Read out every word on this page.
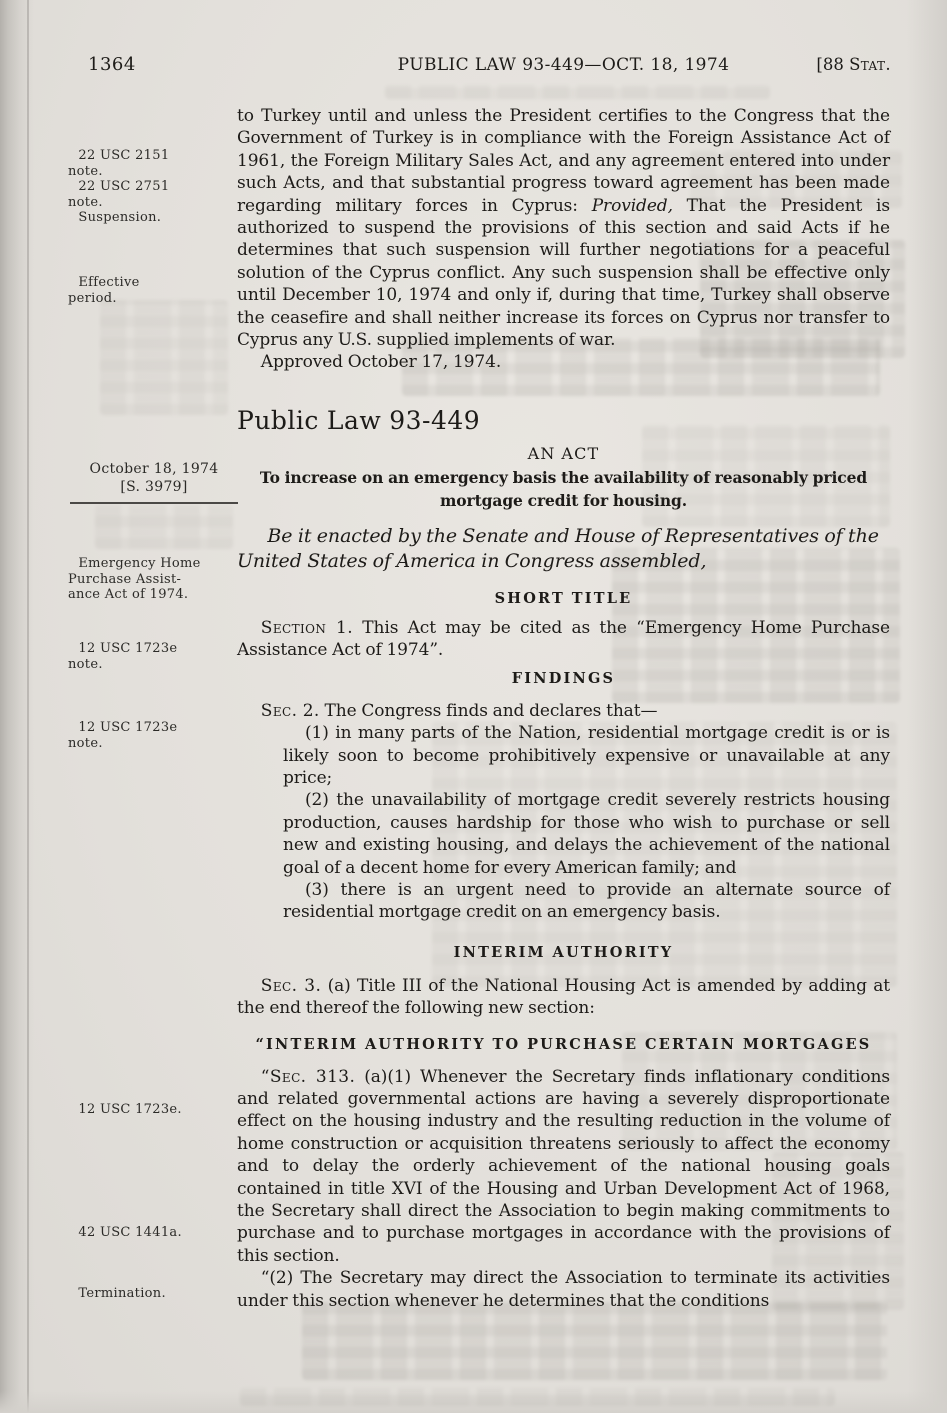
1364	PUBLIC LAW 93-449—OCT. 18, 1974	[88 Stat.
22 USC 2151
note.
22 USC 2751
note.
Suspension.
Effective
period.
October 18, 1974
[S. 3979]
Emergency Home
Purchase Assist-
ance Act of 1974.
12 USC 1723e
note.
12 USC 1723e
note.
12 USC 1723e.
42 USC 1441a.
Termination.
to Turkey until and unless the President certifies to the Congress that the Government of Turkey is in compliance with the Foreign Assistance Act of 1961, the Foreign Military Sales Act, and any agreement entered into under such Acts, and that substantial progress toward agreement has been made regarding military forces in Cyprus: Provided, That the President is authorized to suspend the provisions of this section and said Acts if he determines that such suspension will further negotiations for a peaceful solution of the Cyprus conflict. Any such suspension shall be effective only until December 10, 1974 and only if, during that time, Turkey shall observe the ceasefire and shall neither increase its forces on Cyprus nor transfer to Cyprus any U.S. supplied implements of war.
Approved October 17, 1974.
Public Law 93-449
AN ACT
To increase on an emergency basis the availability of reasonably priced mortgage credit for housing.
Be it enacted by the Senate and House of Representatives of the United States of America in Congress assembled,
SHORT TITLE
Section 1. This Act may be cited as the “Emergency Home Purchase Assistance Act of 1974”.
FINDINGS
Sec. 2. The Congress finds and declares that—
(1) in many parts of the Nation, residential mortgage credit is or is likely soon to become prohibitively expensive or unavailable at any price;
(2) the unavailability of mortgage credit severely restricts housing production, causes hardship for those who wish to purchase or sell new and existing housing, and delays the achievement of the national goal of a decent home for every American family; and
(3) there is an urgent need to provide an alternate source of residential mortgage credit on an emergency basis.
INTERIM AUTHORITY
Sec. 3. (a) Title III of the National Housing Act is amended by adding at the end thereof the following new section:
“INTERIM AUTHORITY TO PURCHASE CERTAIN MORTGAGES
“Sec. 313. (a)(1) Whenever the Secretary finds inflationary conditions and related governmental actions are having a severely disproportionate effect on the housing industry and the resulting reduction in the volume of home construction or acquisition threatens seriously to affect the economy and to delay the orderly achievement of the national housing goals contained in title XVI of the Housing and Urban Development Act of 1968, the Secretary shall direct the Association to begin making commitments to purchase and to purchase mortgages in accordance with the provisions of this section.
“(2) The Secretary may direct the Association to terminate its activities under this section whenever he determines that the conditions
